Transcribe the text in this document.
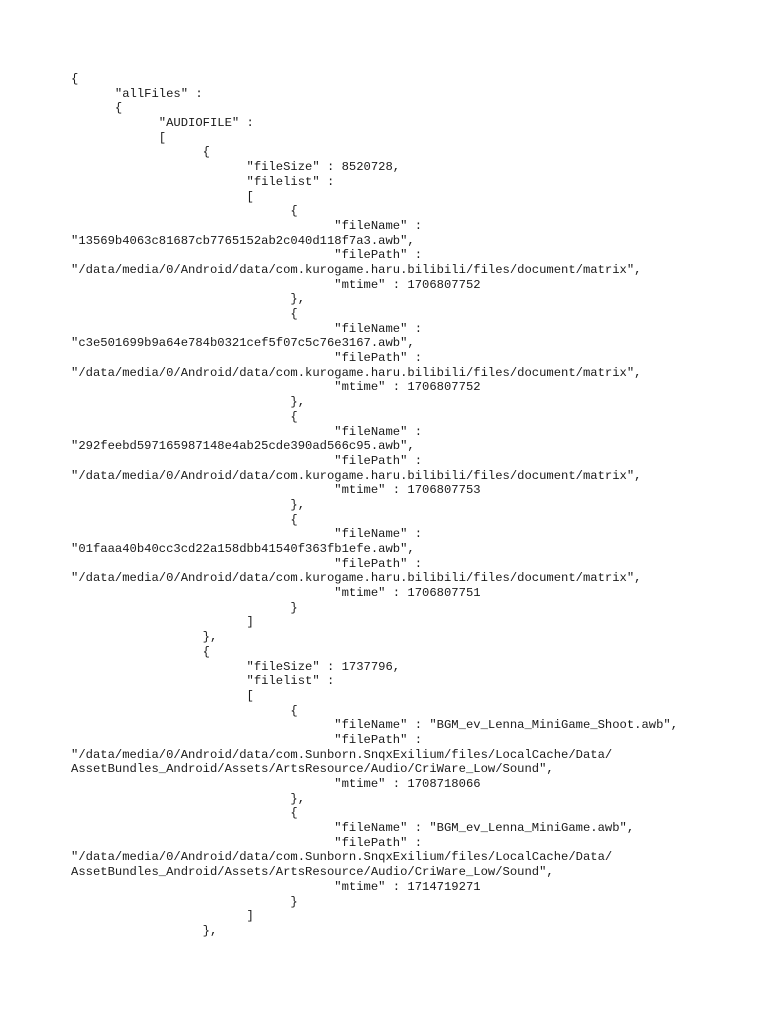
{
"allFiles" :
{
"AUDIOFILE" :
[
{
"fileSize" : 8520728,
"filelist" :
[
{
"fileName" :
"13569b4063c81687cb7765152ab2c040d118f7a3.awb",
"filePath" :
"/data/media/0/Android/data/com.kurogame.haru.bilibili/files/document/matrix",
"mtime" : 1706807752
},
{
"fileName" :
"c3e501699b9a64e784b0321cef5f07c5c76e3167.awb",
"filePath" :
"/data/media/0/Android/data/com.kurogame.haru.bilibili/files/document/matrix",
"mtime" : 1706807752
},
{
"fileName" :
"292feebd597165987148e4ab25cde390ad566c95.awb",
"filePath" :
"/data/media/0/Android/data/com.kurogame.haru.bilibili/files/document/matrix",
"mtime" : 1706807753
},
{
"fileName" :
"01faaa40b40cc3cd22a158dbb41540f363fb1efe.awb",
"filePath" :
"/data/media/0/Android/data/com.kurogame.haru.bilibili/files/document/matrix",
"mtime" : 1706807751
}
]
},
{
"fileSize" : 1737796,
"filelist" :
[
{
"fileName" : "BGM_ev_Lenna_MiniGame_Shoot.awb",
"filePath" :
"/data/media/0/Android/data/com.Sunborn.SnqxExilium/files/LocalCache/Data/
AssetBundles_Android/Assets/ArtsResource/Audio/CriWare_Low/Sound",
"mtime" : 1708718066
},
{
"fileName" : "BGM_ev_Lenna_MiniGame.awb",
"filePath" :
"/data/media/0/Android/data/com.Sunborn.SnqxExilium/files/LocalCache/Data/
AssetBundles_Android/Assets/ArtsResource/Audio/CriWare_Low/Sound",
"mtime" : 1714719271
}
]
},
